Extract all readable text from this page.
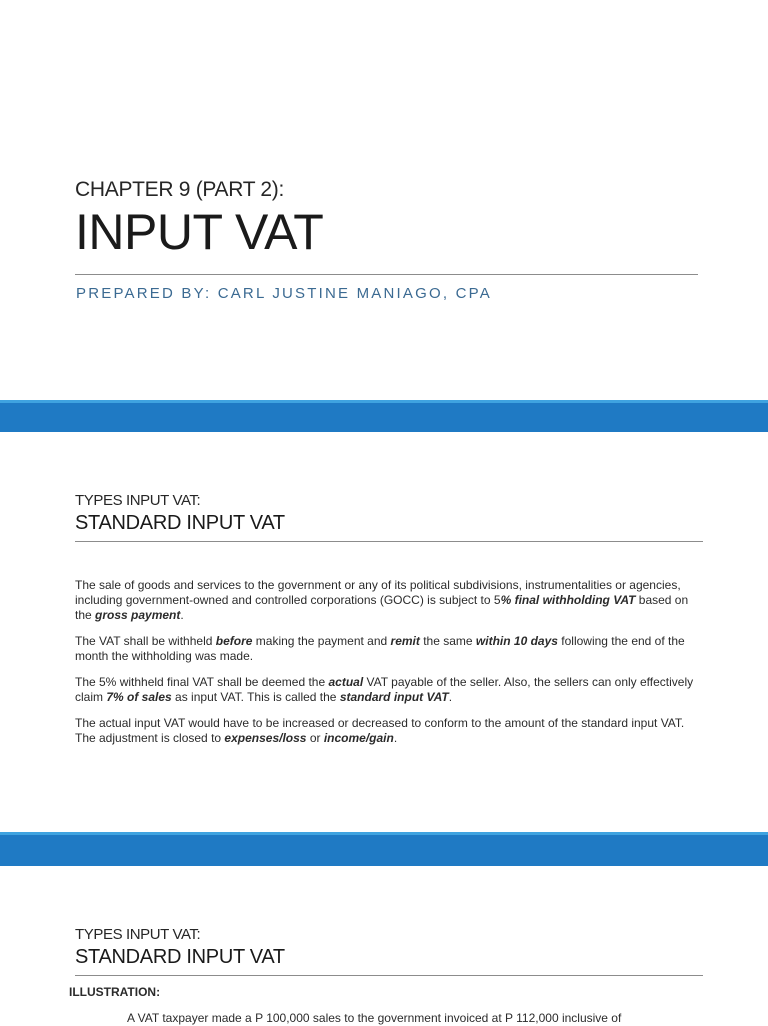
CHAPTER 9 (PART 2):
INPUT VAT
PREPARED BY: CARL JUSTINE MANIAGO, CPA
TYPES INPUT VAT:
STANDARD INPUT VAT

The sale of goods and services to the government or any of its political subdivisions, instrumentalities or agencies, including government-owned and controlled corporations (GOCC) is subject to 5% final withholding VAT based on the gross payment.

The VAT shall be withheld before making the payment and remit the same within 10 days following the end of the month the withholding was made.

The 5% withheld final VAT shall be deemed the actual VAT payable of the seller. Also, the sellers can only effectively claim 7% of sales as input VAT. This is called the standard input VAT.

The actual input VAT would have to be increased or decreased to conform to the amount of the standard input VAT. The adjustment is closed to expenses/loss or income/gain.

TYPES INPUT VAT:
STANDARD INPUT VAT
ILLUSTRATION:
A VAT taxpayer made a P 100,000 sales to the government invoiced at P 112,000 inclusive of
